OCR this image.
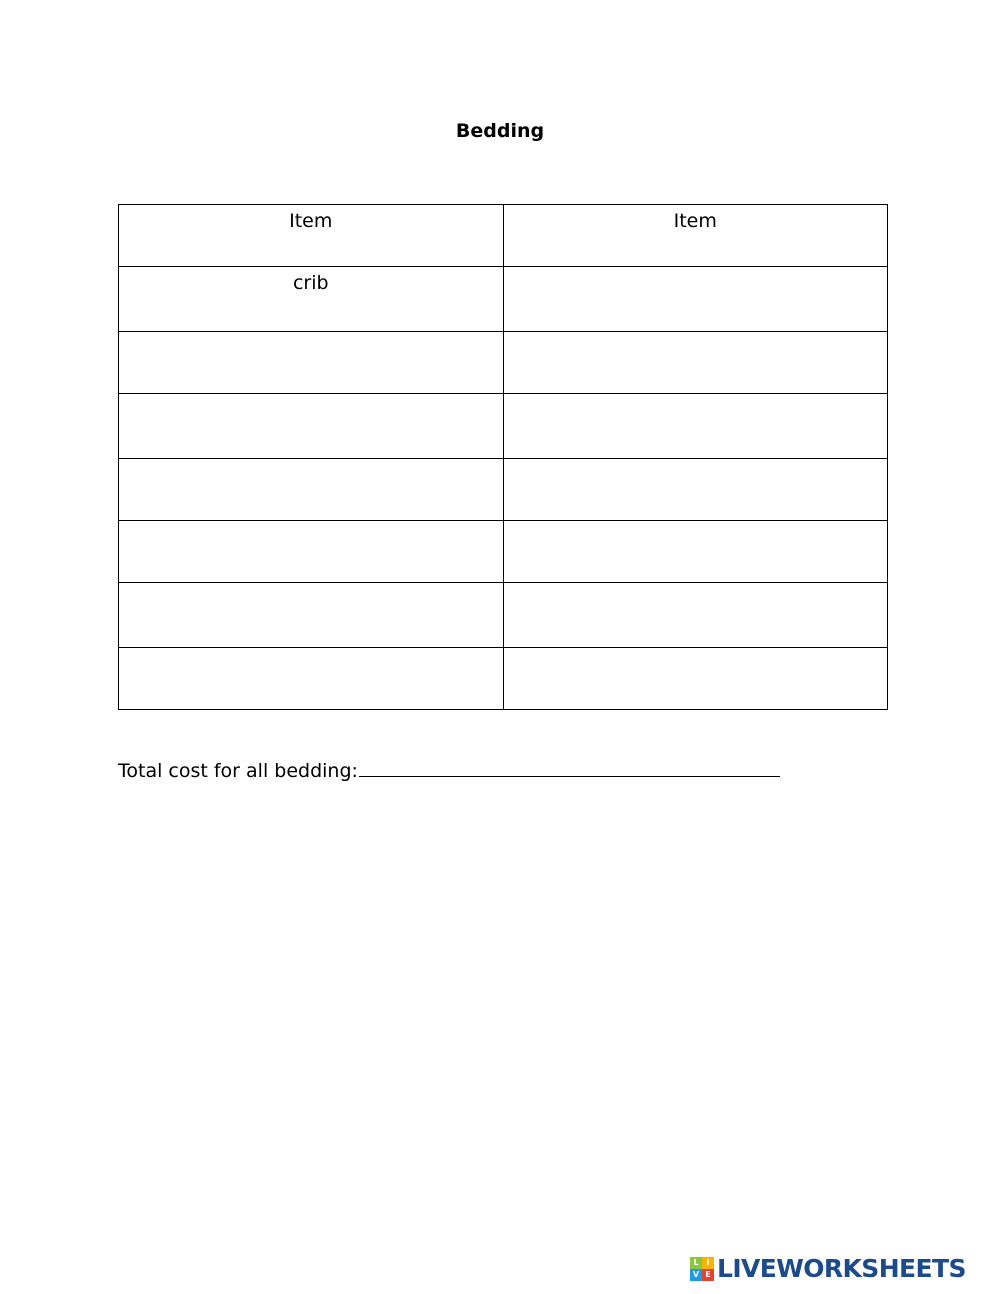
Bedding
Item	Item
crib	

Total cost for all bedding:
L I
V E LIVEWORKSHEETS
